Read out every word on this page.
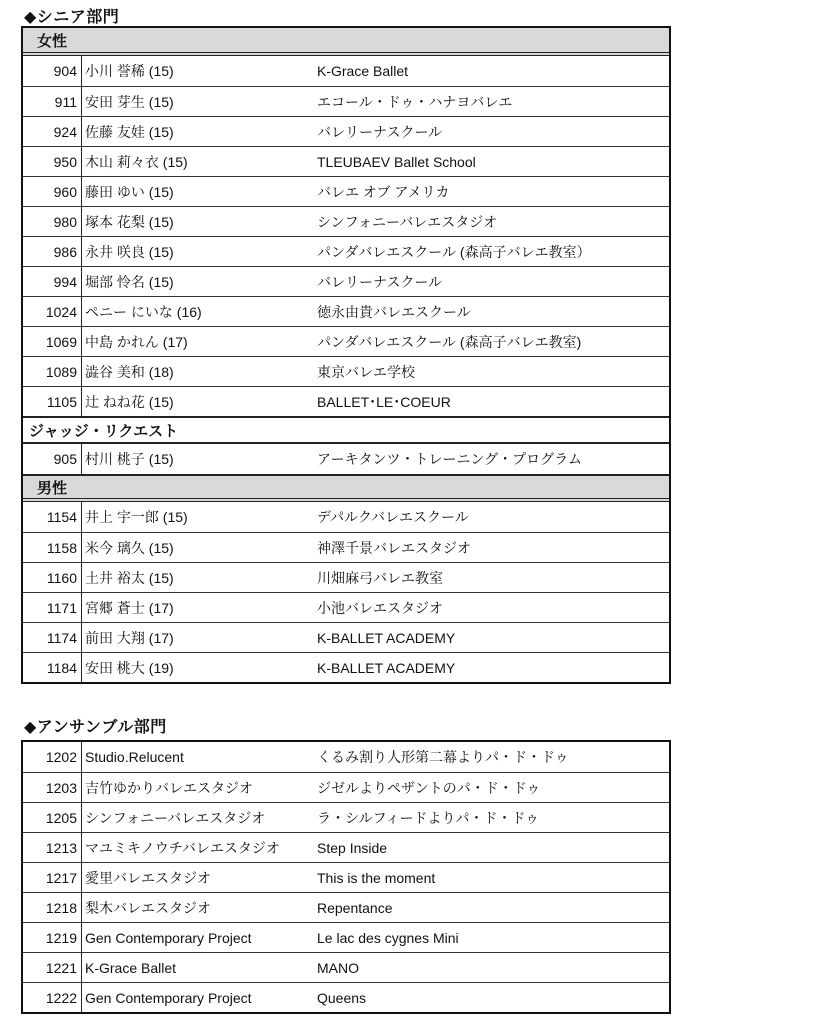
◆シニア部門
女性
904 小川 誉稀 (15)	K-Grace Ballet
911 安田 芽生 (15)	エコール・ドゥ・ハナヨバレエ
924 佐藤 友娃 (15)	バレリーナスクール
950 木山 莉々衣 (15)	TLEUBAEV Ballet School
960 藤田 ゆい (15)	バレエ オブ アメリカ
980 塚本 花梨 (15)	シンフォニーバレエスタジオ
986 永井 咲良 (15)	パンダバレエスクール (森高子バレエ教室）
994 堀部 怜名 (15)	バレリーナスクール
1024 ペニー にいな (16)	徳永由貴バレエスクール
1069 中島 かれん (17)	パンダバレエスクール (森高子バレエ教室)
1089 澁谷 美和 (18)	東京バレエ学校
1105 辻 ねね花 (15)	BALLET･LE･COEUR
ジャッジ・リクエスト
905 村川 桃子 (15)	アーキタンツ・トレーニング・プログラム
男性
1154 井上 宇一郎 (15)	デパルクバレエスクール
1158 米今 璃久 (15)	神澤千景バレエスタジオ
1160 土井 裕太 (15)	川畑麻弓バレエ教室
1171 宮郷 蒼士 (17)	小池バレエスタジオ
1174 前田 大翔 (17)	K-BALLET ACADEMY
1184 安田 桃大 (19)	K-BALLET ACADEMY
◆アンサンブル部門
1202 Studio.Relucent	くるみ割り人形第二幕よりパ・ド・ドゥ
1203 吉竹ゆかりバレエスタジオ	ジゼルよりペザントのパ・ド・ドゥ
1205 シンフォニーバレエスタジオ	ラ・シルフィードよりパ・ド・ドゥ
1213 マユミキノウチバレエスタジオ	Step Inside
1217 愛里バレエスタジオ	This is the moment
1218 梨木バレエスタジオ	Repentance
1219 Gen Contemporary Project	Le lac des cygnes Mini
1221 K-Grace Ballet	MANO
1222 Gen Contemporary Project	Queens
